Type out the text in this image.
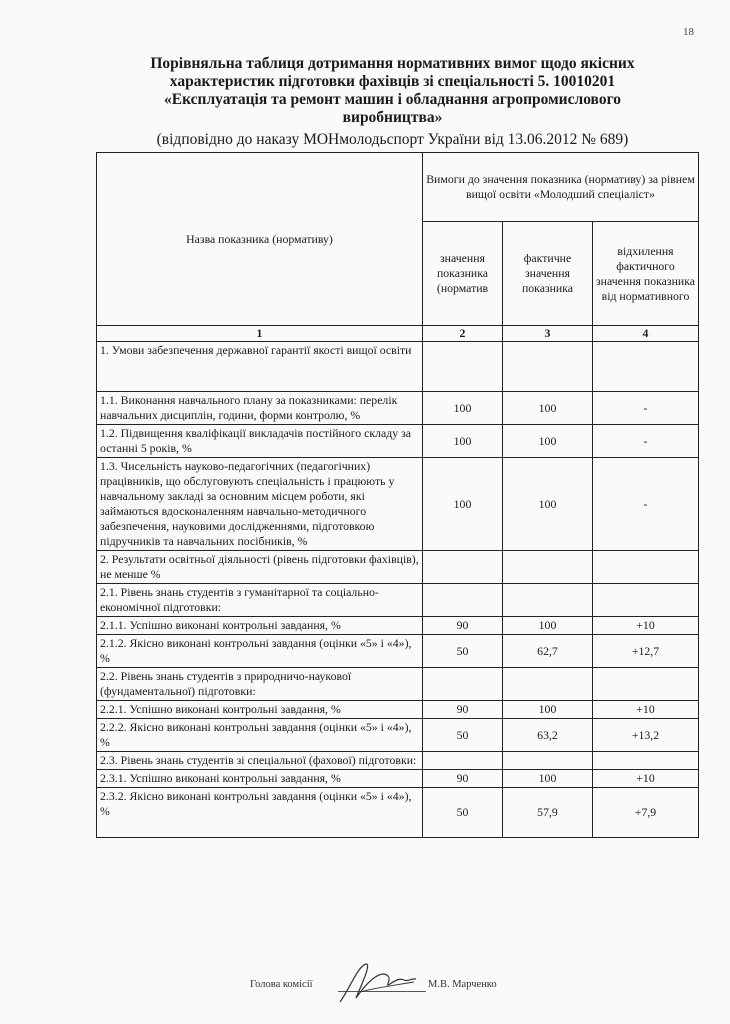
18
Порівняльна таблиця дотримання нормативних вимог щодо якісних
характеристик підготовки фахівців зі спеціальності 5. 10010201
«Експлуатація та ремонт машин і обладнання агропромислового
виробництва»
(відповідно до наказу МОНмолодьспорт України від 13.06.2012 № 689)
Назва показника (нормативу)	Вимоги до значення показника (нормативу) за рівнем вищої освіти «Молодший спеціаліст»		
	значення показника (норматив	фактичне значення показника	відхилення фактичного значення показника від нормативного
1	2	3	4
1. Умови забезпечення державної гарантії якості вищої освіти			
1.1. Виконання навчального плану за показниками: перелік навчальних дисциплін, години, форми контролю, %	100	100	-
1.2. Підвищення кваліфікації викладачів постійного складу за останні 5 років, %	100	100	-
1.3. Чисельність науково-педагогічних (педагогічних) працівників, що обслуговують спеціальність і працюють у навчальному закладі за основним місцем роботи, які займаються вдосконаленням навчально-методичного забезпечення, науковими дослідженнями, підготовкою підручників та навчальних посібників, %	100	100	-
2. Результати освітньої діяльності (рівень підготовки фахівців), не менше %			
2.1. Рівень знань студентів з гуманітарної та соціально-економічної підготовки:			
2.1.1. Успішно виконані контрольні завдання, %	90	100	+10
2.1.2. Якісно виконані контрольні завдання (оцінки «5» і «4»), %	50	62,7	+12,7
2.2. Рівень знань студентів з природничо-наукової (фундаментальної) підготовки:			
2.2.1. Успішно виконані контрольні завдання, %	90	100	+10
2.2.2. Якісно виконані контрольні завдання (оцінки «5» і «4»), %	50	63,2	+13,2
2.3. Рівень знань студентів зі спеціальної (фахової) підготовки:			
2.3.1. Успішно виконані контрольні завдання, %	90	100	+10
2.3.2. Якісно виконані контрольні завдання (оцінки «5» і «4»), %	50	57,9	+7,9
Голова комісії	М.В. Марченко
